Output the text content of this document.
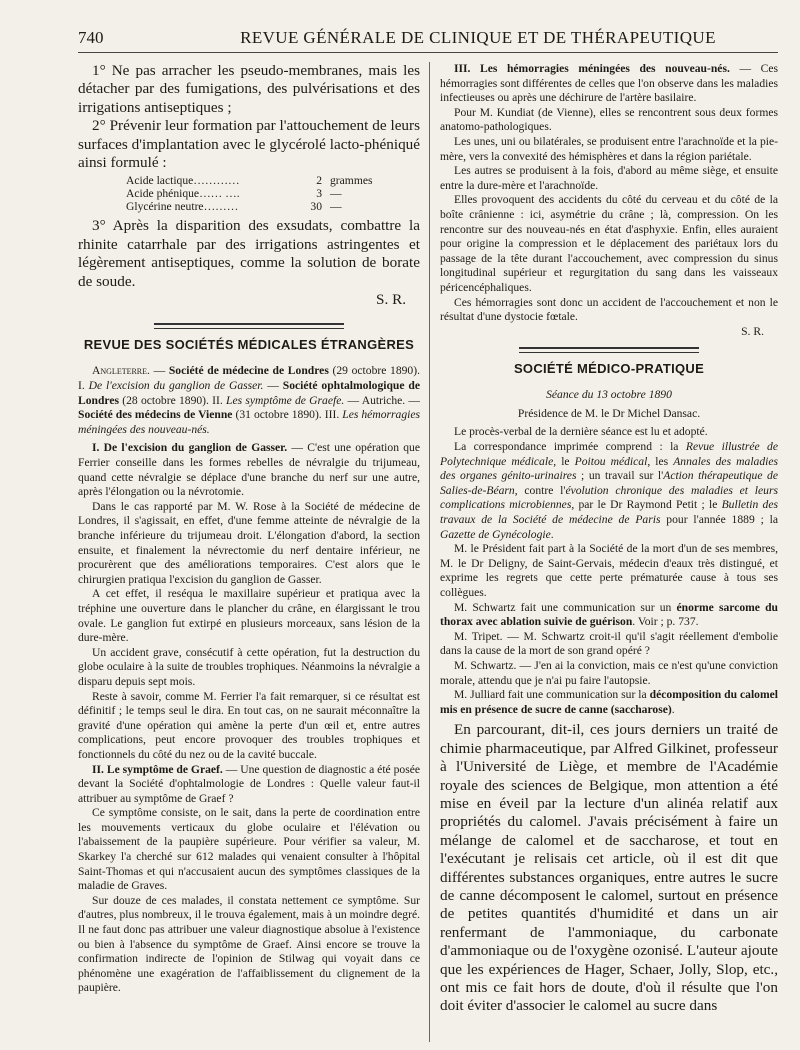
740	REVUE GÉNÉRALE DE CLINIQUE ET DE THÉRAPEUTIQUE

1° Ne pas arracher les pseudo-membranes, mais les détacher par des fumigations, des pulvérisations et des irrigations antiseptiques ;

2° Prévenir leur formation par l'attouchement de leurs surfaces d'implantation avec le glycérolé lacto-phéniqué ainsi formulé :

Acide lactique…………	2 grammes
Acide phénique…… ….	3 —
Glycérine neutre………	30 —

3° Après la disparition des exsudats, combattre la rhinite catarrhale par des irrigations astringentes et légèrement antiseptiques, comme la solution de borate de soude.

S. R.

REVUE DES SOCIÉTÉS MÉDICALES ÉTRANGÈRES

Angleterre. — Société de médecine de Londres (29 octobre 1890). I. De l'excision du ganglion de Gasser. — Société ophtalmologique de Londres (28 octobre 1890). II. Les symptôme de Graefe. — Autriche. — Société des médecins de Vienne (31 octobre 1890). III. Les hémorragies méningées des nouveau-nés.

I. De l'excision du ganglion de Gasser. — C'est une opération que Ferrier conseille dans les formes rebelles de névralgie du trijumeau, quand cette névralgie se déplace d'une branche du nerf sur une autre, après l'élongation ou la névrotomie.

Dans le cas rapporté par M. W. Rose à la Société de médecine de Londres, il s'agissait, en effet, d'une femme atteinte de névralgie de la branche inférieure du trijumeau droit. L'élongation d'abord, la section ensuite, et finalement la névrectomie du nerf dentaire inférieur, ne procurèrent que des améliorations temporaires. C'est alors que le chirurgien pratiqua l'excision du ganglion de Gasser.

A cet effet, il reséqua le maxillaire supérieur et pratiqua avec la tréphine une ouverture dans le plancher du crâne, en élargissant le trou ovale. Le ganglion fut extirpé en plusieurs morceaux, sans lésion de la dure-mère.

Un accident grave, consécutif à cette opération, fut la destruction du globe oculaire à la suite de troubles trophiques. Néanmoins la névralgie a disparu depuis sept mois.

Reste à savoir, comme M. Ferrier l'a fait remarquer, si ce résultat est définitif ; le temps seul le dira. En tout cas, on ne saurait méconnaître la gravité d'une opération qui amène la perte d'un œil et, entre autres complications, peut encore provoquer des troubles trophiques et fonctionnels du côté du nez ou de la cavité buccale.

II. Le symptôme de Graef. — Une question de diagnostic a été posée devant la Société d'ophtalmologie de Londres : Quelle valeur faut-il attribuer au symptôme de Graef ?

Ce symptôme consiste, on le sait, dans la perte de coordination entre les mouvements verticaux du globe oculaire et l'élévation ou l'abaissement de la paupière supérieure. Pour vérifier sa valeur, M. Skarkey l'a cherché sur 612 malades qui venaient consulter à l'hôpital Saint-Thomas et qui n'accusaient aucun des symptômes classiques de la maladie de Graves.

Sur douze de ces malades, il constata nettement ce symptôme. Sur d'autres, plus nombreux, il le trouva également, mais à un moindre degré. Il ne faut donc pas attribuer une valeur diagnostique absolue à l'existence ou bien à l'absence du symptôme de Graef. Ainsi encore se trouve la confirmation indirecte de l'opinion de Stilwag qui voyait dans ce phénomène une exagération de l'affaiblissement du clignement de la paupière.

III. Les hémorragies méningées des nouveau-nés. — Ces hémorragies sont différentes de celles que l'on observe dans les maladies infectieuses ou après une déchirure de l'artère basilaire.

Pour M. Kundiat (de Vienne), elles se rencontrent sous deux formes anatomo-pathologiques.

Les unes, uni ou bilatérales, se produisent entre l'arachnoïde et la pie-mère, vers la convexité des hémisphères et dans la région pariétale.

Les autres se produisent à la fois, d'abord au même siège, et ensuite entre la dure-mère et l'arachnoïde.

Elles provoquent des accidents du côté du cerveau et du côté de la boîte crânienne : ici, asymétrie du crâne ; là, compression. On les rencontre sur des nouveau-nés en état d'asphyxie. Enfin, elles auraient pour origine la compression et le déplacement des pariétaux lors du passage de la tête durant l'accouchement, avec compression du sinus longitudinal supérieur et regurgitation du sang dans les vaisseaux péricencéphaliques.

Ces hémorragies sont donc un accident de l'accouchement et non le résultat d'une dystocie fœtale.

S. R.

SOCIÉTÉ MÉDICO-PRATIQUE

Séance du 13 octobre 1890

Présidence de M. le Dr Michel Dansac.

Le procès-verbal de la dernière séance est lu et adopté.

La correspondance imprimée comprend : la Revue illustrée de Polytechnique médicale, le Poitou médical, les Annales des maladies des organes génito-urinaires ; un travail sur l'Action thérapeutique de Salies-de-Béarn, contre l'évolution chronique des maladies et leurs complications microbiennes, par le Dr Raymond Petit ; le Bulletin des travaux de la Société de médecine de Paris pour l'année 1889 ; la Gazette de Gynécologie.

M. le Président fait part à la Société de la mort d'un de ses membres, M. le Dr Deligny, de Saint-Gervais, médecin d'eaux très distingué, et exprime les regrets que cette perte prématurée cause à tous ses collègues.

M. Schwartz fait une communication sur un énorme sarcome du thorax avec ablation suivie de guérison. Voir ; p. 737.

M. Tripet. — M. Schwartz croit-il qu'il s'agit réellement d'embolie dans la cause de la mort de son grand opéré ?

M. Schwartz. — J'en ai la conviction, mais ce n'est qu'une conviction morale, attendu que je n'ai pu faire l'autopsie.

M. Julliard fait une communication sur la décomposition du calomel mis en présence de sucre de canne (saccharose).

En parcourant, dit-il, ces jours derniers un traité de chimie pharmaceutique, par Alfred Gilkinet, professeur à l'Université de Liège, et membre de l'Académie royale des sciences de Belgique, mon attention a été mise en éveil par la lecture d'un alinéa relatif aux propriétés du calomel. J'avais précisément à faire un mélange de calomel et de saccharose, et tout en l'exécutant je relisais cet article, où il est dit que différentes substances organiques, entre autres le sucre de canne décomposent le calomel, surtout en présence de petites quantités d'humidité et dans un air renfermant de l'ammoniaque, du carbonate d'ammoniaque ou de l'oxygène ozonisé. L'auteur ajoute que les expériences de Hager, Schaer, Jolly, Slop, etc., ont mis ce fait hors de doute, d'où il résulte que l'on doit éviter d'associer le calomel au sucre dans
